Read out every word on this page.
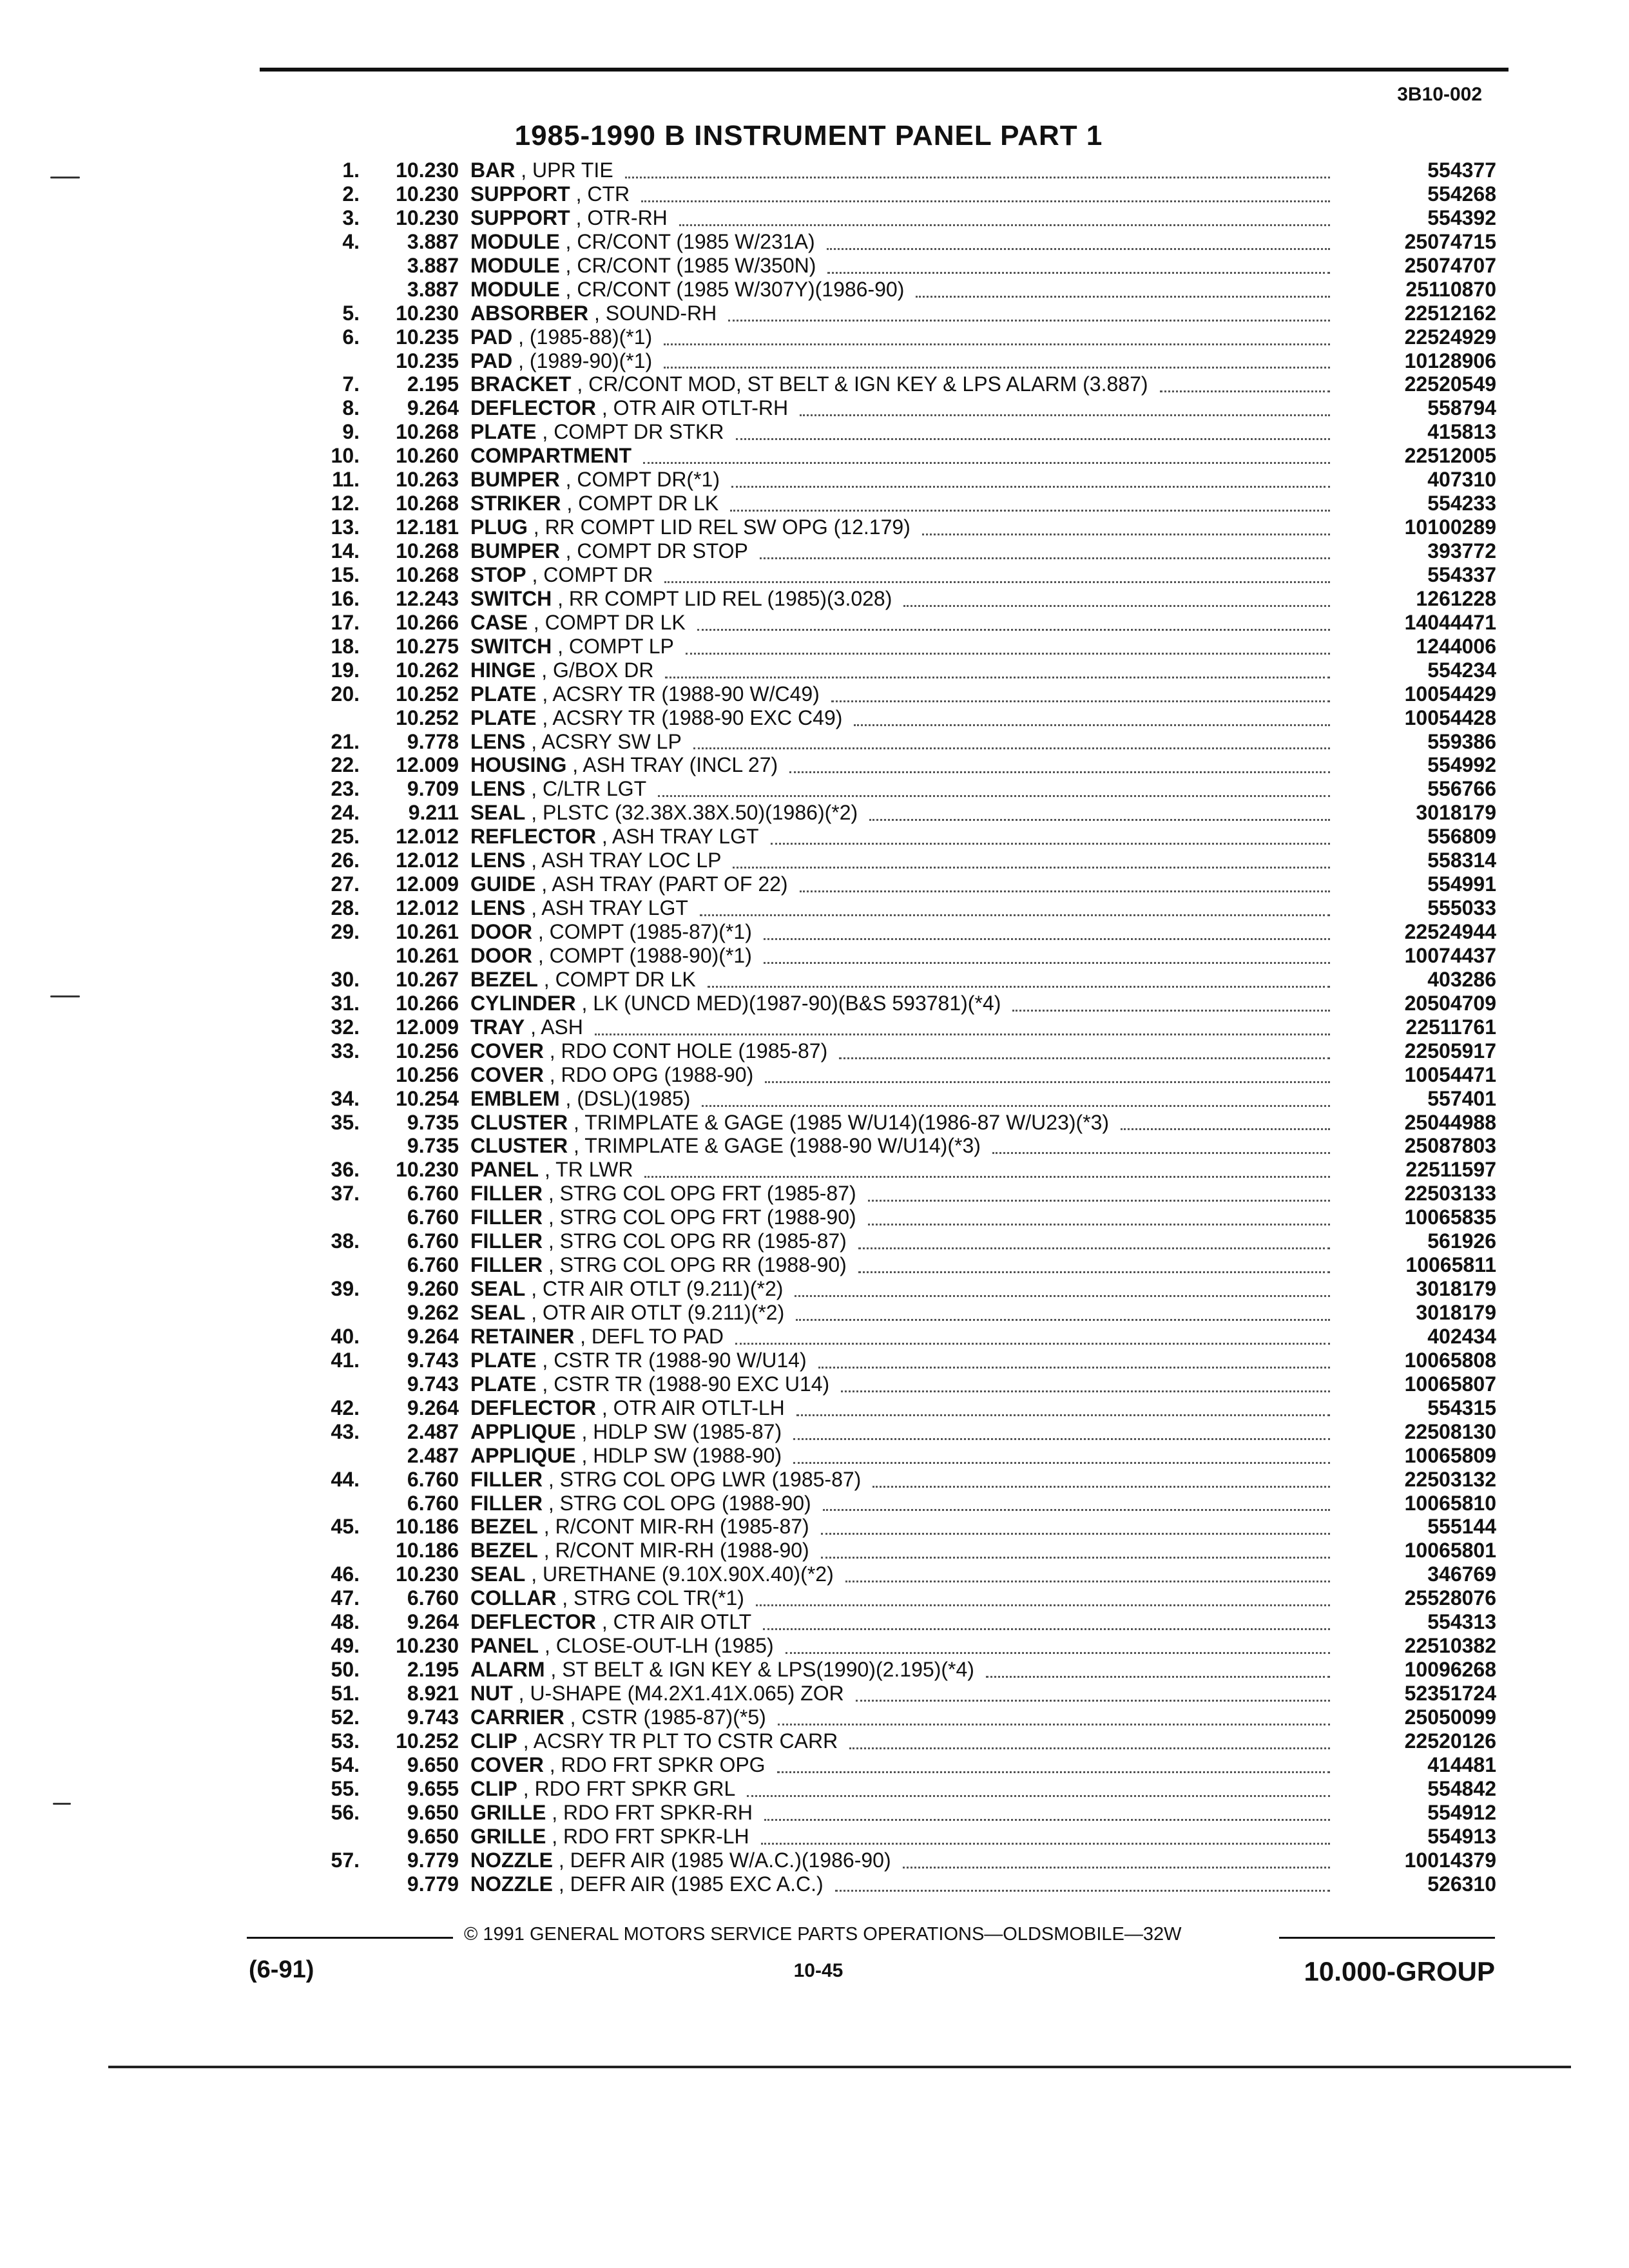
3B10-002
1985-1990 B INSTRUMENT PANEL PART 1
1.	10.230 BAR , UPR TIE	554377
2.	10.230 SUPPORT , CTR	554268
3.	10.230 SUPPORT , OTR-RH	554392
4.	3.887 MODULE , CR/CONT (1985 W/231A)	25074715
3.887 MODULE , CR/CONT (1985 W/350N)	25074707
3.887 MODULE , CR/CONT (1985 W/307Y)(1986-90)	25110870
5.	10.230 ABSORBER , SOUND-RH	22512162
6.	10.235 PAD , (1985-88)(*1)	22524929
10.235 PAD , (1989-90)(*1)	10128906
7.	2.195 BRACKET , CR/CONT MOD, ST BELT & IGN KEY & LPS ALARM (3.887)	22520549
8.	9.264 DEFLECTOR , OTR AIR OTLT-RH	558794
9.	10.268 PLATE , COMPT DR STKR	415813
10.	10.260 COMPARTMENT	22512005
11.	10.263 BUMPER , COMPT DR(*1)	407310
12.	10.268 STRIKER , COMPT DR LK	554233
13.	12.181 PLUG , RR COMPT LID REL SW OPG (12.179)	10100289
14.	10.268 BUMPER , COMPT DR STOP	393772
15.	10.268 STOP , COMPT DR	554337
16.	12.243 SWITCH , RR COMPT LID REL (1985)(3.028)	1261228
17.	10.266 CASE , COMPT DR LK	14044471
18.	10.275 SWITCH , COMPT LP	1244006
19.	10.262 HINGE , G/BOX DR	554234
20.	10.252 PLATE , ACSRY TR (1988-90 W/C49)	10054429
10.252 PLATE , ACSRY TR (1988-90 EXC C49)	10054428
21.	9.778 LENS , ACSRY SW LP	559386
22.	12.009 HOUSING , ASH TRAY (INCL 27)	554992
23.	9.709 LENS , C/LTR LGT	556766
24.	9.211 SEAL , PLSTC (32.38X.38X.50)(1986)(*2)	3018179
25.	12.012 REFLECTOR , ASH TRAY LGT	556809
26.	12.012 LENS , ASH TRAY LOC LP	558314
27.	12.009 GUIDE , ASH TRAY (PART OF 22)	554991
28.	12.012 LENS , ASH TRAY LGT	555033
29.	10.261 DOOR , COMPT (1985-87)(*1)	22524944
10.261 DOOR , COMPT (1988-90)(*1)	10074437
30.	10.267 BEZEL , COMPT DR LK	403286
31.	10.266 CYLINDER , LK (UNCD MED)(1987-90)(B&S 593781)(*4)	20504709
32.	12.009 TRAY , ASH	22511761
33.	10.256 COVER , RDO CONT HOLE (1985-87)	22505917
10.256 COVER , RDO OPG (1988-90)	10054471
34.	10.254 EMBLEM , (DSL)(1985)	557401
35.	9.735 CLUSTER , TRIMPLATE & GAGE (1985 W/U14)(1986-87 W/U23)(*3)	25044988
9.735 CLUSTER , TRIMPLATE & GAGE (1988-90 W/U14)(*3)	25087803
36.	10.230 PANEL , TR LWR	22511597
37.	6.760 FILLER , STRG COL OPG FRT (1985-87)	22503133
6.760 FILLER , STRG COL OPG FRT (1988-90)	10065835
38.	6.760 FILLER , STRG COL OPG RR (1985-87)	561926
6.760 FILLER , STRG COL OPG RR (1988-90)	10065811
39.	9.260 SEAL , CTR AIR OTLT (9.211)(*2)	3018179
9.262 SEAL , OTR AIR OTLT (9.211)(*2)	3018179
40.	9.264 RETAINER , DEFL TO PAD	402434
41.	9.743 PLATE , CSTR TR (1988-90 W/U14)	10065808
9.743 PLATE , CSTR TR (1988-90 EXC U14)	10065807
42.	9.264 DEFLECTOR , OTR AIR OTLT-LH	554315
43.	2.487 APPLIQUE , HDLP SW (1985-87)	22508130
2.487 APPLIQUE , HDLP SW (1988-90)	10065809
44.	6.760 FILLER , STRG COL OPG LWR (1985-87)	22503132
6.760 FILLER , STRG COL OPG (1988-90)	10065810
45.	10.186 BEZEL , R/CONT MIR-RH (1985-87)	555144
10.186 BEZEL , R/CONT MIR-RH (1988-90)	10065801
46.	10.230 SEAL , URETHANE (9.10X.90X.40)(*2)	346769
47.	6.760 COLLAR , STRG COL TR(*1)	25528076
48.	9.264 DEFLECTOR , CTR AIR OTLT	554313
49.	10.230 PANEL , CLOSE-OUT-LH (1985)	22510382
50.	2.195 ALARM , ST BELT & IGN KEY & LPS(1990)(2.195)(*4)	10096268
51.	8.921 NUT , U-SHAPE (M4.2X1.41X.065) ZOR	52351724
52.	9.743 CARRIER , CSTR (1985-87)(*5)	25050099
53.	10.252 CLIP , ACSRY TR PLT TO CSTR CARR	22520126
54.	9.650 COVER , RDO FRT SPKR OPG	414481
55.	9.655 CLIP , RDO FRT SPKR GRL	554842
56.	9.650 GRILLE , RDO FRT SPKR-RH	554912
9.650 GRILLE , RDO FRT SPKR-LH	554913
57.	9.779 NOZZLE , DEFR AIR (1985 W/A.C.)(1986-90)	10014379
9.779 NOZZLE , DEFR AIR (1985 EXC A.C.)	526310
© 1991 GENERAL MOTORS SERVICE PARTS OPERATIONS—OLDSMOBILE—32W
(6-91)	10-45	10.000-GROUP
